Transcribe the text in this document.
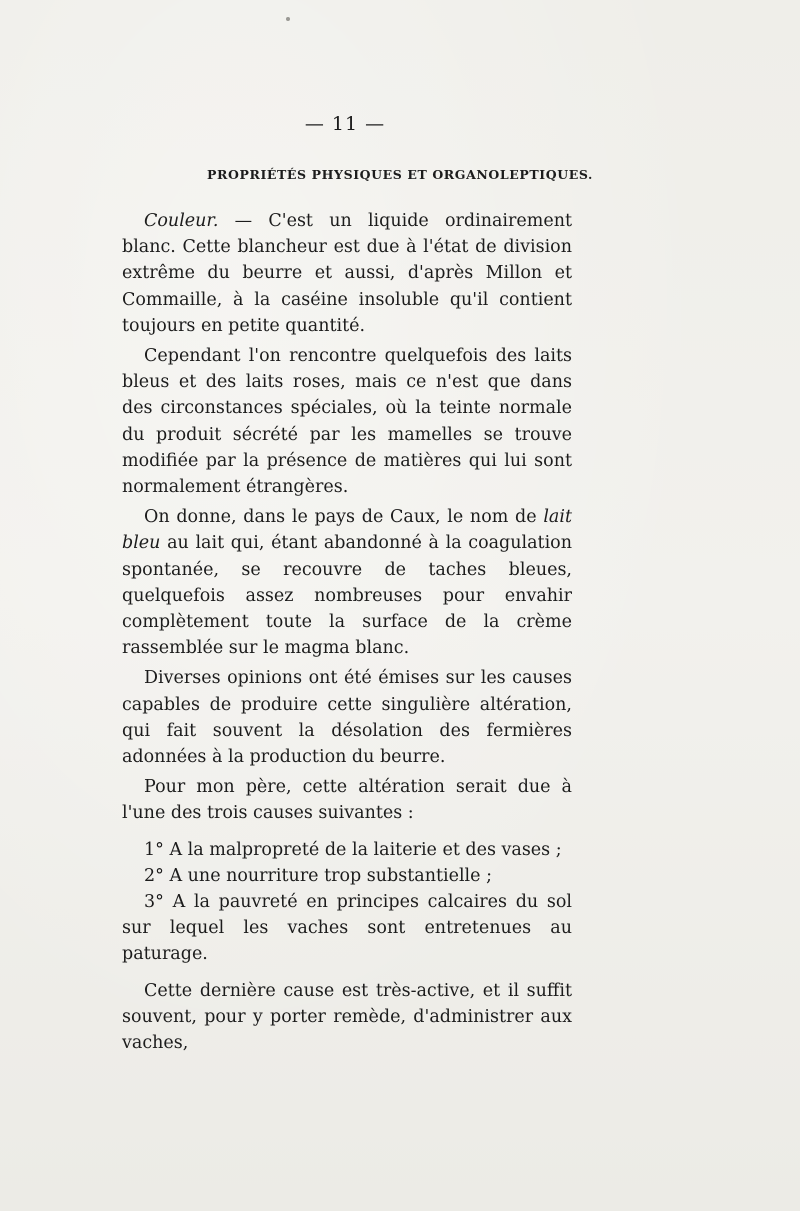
— 11 —
PROPRIÉTÉS PHYSIQUES ET ORGANOLEPTIQUES.

Couleur. — C'est un liquide ordinairement blanc. Cette blancheur est due à l'état de division extrême du beurre et aussi, d'après Millon et Commaille, à la caséine insoluble qu'il contient toujours en petite quantité.

Cependant l'on rencontre quelquefois des laits bleus et des laits roses, mais ce n'est que dans des circonstances spéciales, où la teinte normale du produit sécrété par les mamelles se trouve modifiée par la présence de matières qui lui sont normalement étrangères.

On donne, dans le pays de Caux, le nom de lait bleu au lait qui, étant abandonné à la coagulation spontanée, se recouvre de taches bleues, quelquefois assez nombreuses pour envahir complètement toute la surface de la crème rassemblée sur le magma blanc.

Diverses opinions ont été émises sur les causes capables de produire cette singulière altération, qui fait souvent la désolation des fermières adonnées à la production du beurre.

Pour mon père, cette altération serait due à l'une des trois causes suivantes :

1° A la malpropreté de la laiterie et des vases ;

2° A une nourriture trop substantielle ;

3° A la pauvreté en principes calcaires du sol sur lequel les vaches sont entretenues au paturage.

Cette dernière cause est très-active, et il suffit souvent, pour y porter remède, d'administrer aux vaches,
